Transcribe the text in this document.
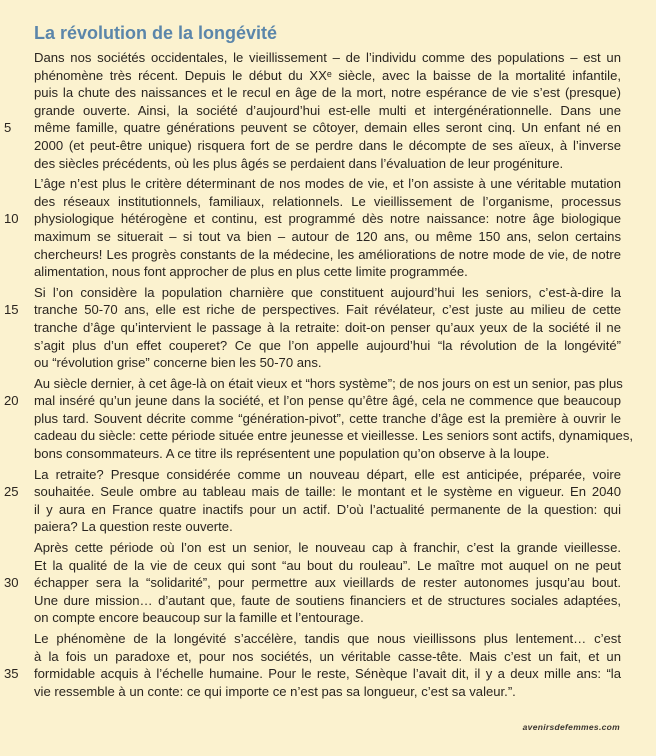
La révolution de la longévité

Dans nos sociétés occidentales, le vieillissement – de l’individu comme des populations – est un
phénomène très récent. Depuis le début du XXᵉ siècle, avec la baisse de la mortalité infantile,
puis la chute des naissances et le recul en âge de la mort, notre espérance de vie s’est (presque)
grande ouverte. Ainsi, la société d’aujourd’hui est-elle multi et intergénérationnelle. Dans une
même famille, quatre générations peuvent se côtoyer, demain elles seront cinq. Un enfant né en
5
2000 (et peut-être unique) risquera fort de se perdre dans le décompte de ses aïeux, à l’inverse
des siècles précédents, où les plus âgés se perdaient dans l’évaluation de leur progéniture.

L’âge n’est plus le critère déterminant de nos modes de vie, et l’on assiste à une véritable mutation
des réseaux institutionnels, familiaux, relationnels. Le vieillissement de l’organisme, processus
physiologique hétérogène et continu, est programmé dès notre naissance: notre âge biologique
10
maximum se situerait – si tout va bien – autour de 120 ans, ou même 150 ans, selon certains
chercheurs! Les progrès constants de la médecine, les améliorations de notre mode de vie, de notre
alimentation, nous font approcher de plus en plus cette limite programmée.

Si l’on considère la population charnière que constituent aujourd’hui les seniors, c’est-à-dire la
tranche 50-70 ans, elle est riche de perspectives. Fait révélateur, c’est juste au milieu de cette
15
tranche d’âge qu’intervient le passage à la retraite: doit-on penser qu’aux yeux de la société il ne
s’agit plus d’un effet couperet? Ce que l’on appelle aujourd’hui “la révolution de la longévité”
ou “révolution grise” concerne bien les 50-70 ans.

Au siècle dernier, à cet âge-là on était vieux et “hors système”; de nos jours on est un senior, pas plus
mal inséré qu’un jeune dans la société, et l’on pense qu’être âgé, cela ne commence que beaucoup
20
plus tard. Souvent décrite comme “génération-pivot”, cette tranche d’âge est la première à ouvrir le
cadeau du siècle: cette période située entre jeunesse et vieillesse. Les seniors sont actifs, dynamiques,
bons consommateurs. A ce titre ils représentent une population qu’on observe à la loupe.

La retraite? Presque considérée comme un nouveau départ, elle est anticipée, préparée, voire
souhaitée. Seule ombre au tableau mais de taille: le montant et le système en vigueur. En 2040
25
il y aura en France quatre inactifs pour un actif. D’où l’actualité permanente de la question: qui
paiera? La question reste ouverte.

Après cette période où l’on est un senior, le nouveau cap à franchir, c’est la grande vieillesse.
Et la qualité de la vie de ceux qui sont “au bout du rouleau”. Le maître mot auquel on ne peut
échapper sera la “solidarité”, pour permettre aux vieillards de rester autonomes jusqu’au bout.
30
Une dure mission… d’autant que, faute de soutiens financiers et de structures sociales adaptées,
on compte encore beaucoup sur la famille et l’entourage.

Le phénomène de la longévité s’accélère, tandis que nous vieillissons plus lentement… c’est
à la fois un paradoxe et, pour nos sociétés, un véritable casse-tête. Mais c’est un fait, et un
formidable acquis à l’échelle humaine. Pour le reste, Sénèque l’avait dit, il y a deux mille ans: “la
35
vie ressemble à un conte: ce qui importe ce n’est pas sa longueur, c’est sa valeur.”.

avenirsdefemmes.com
